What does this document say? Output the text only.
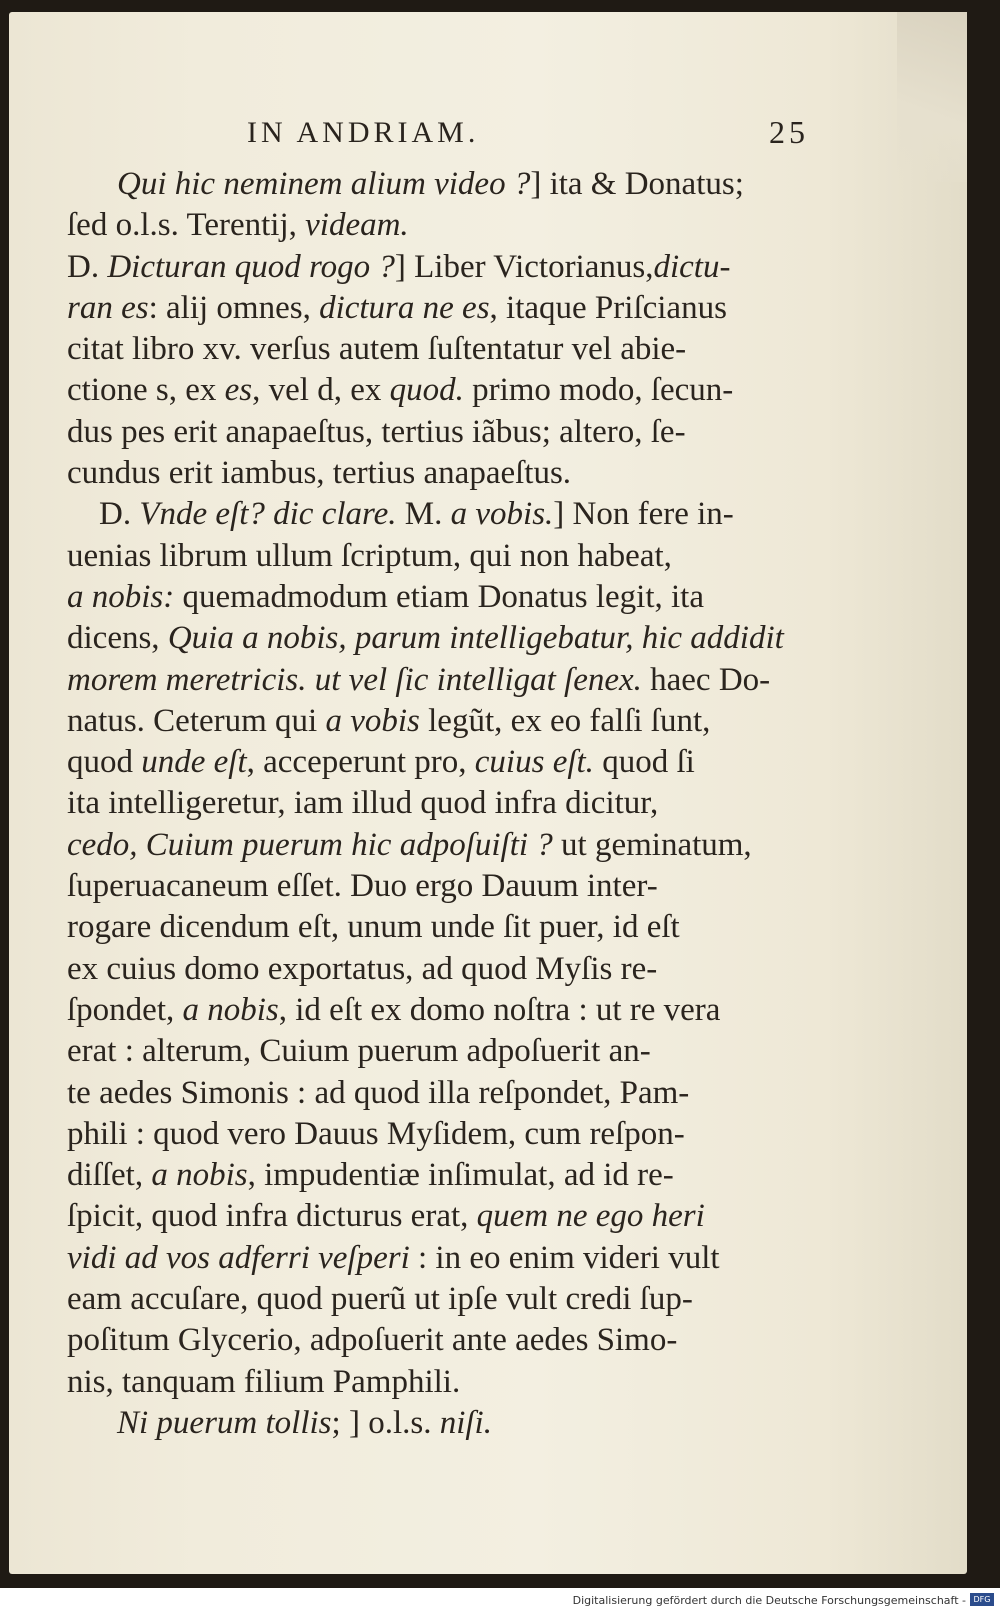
IN ANDRIAM.	25
Qui hic neminem alium video ?] ita & Donatus;
ſed o.l.s. Terentij, videam.
D. Dicturan quod rogo ?] Liber Victorianus,dictu-
ran es: alij omnes, dictura ne es, itaque Priſcianus
citat libro xv. verſus autem ſuſtentatur vel abie-
ctione s, ex es, vel d, ex quod. primo modo, ſecun-
dus pes erit anapaeſtus, tertius iãbus; altero, ſe-
cundus erit iambus, tertius anapaeſtus.
D. Vnde eſt? dic clare. M. a vobis.] Non fere in-
uenias librum ullum ſcriptum, qui non habeat,
a nobis: quemadmodum etiam Donatus legit, ita
dicens, Quia a nobis, parum intelligebatur, hic addidit
morem meretricis. ut vel ſic intelligat ſenex. haec Do-
natus. Ceterum qui a vobis legũt, ex eo falſi ſunt,
quod unde eſt, acceperunt pro, cuius eſt. quod ſi
ita intelligeretur, iam illud quod infra dicitur,
cedo, Cuium puerum hic adpoſuiſti ? ut geminatum,
ſuperuacaneum eſſet. Duo ergo Dauum inter-
rogare dicendum eſt, unum unde ſit puer, id eſt
ex cuius domo exportatus, ad quod Myſis re-
ſpondet, a nobis, id eſt ex domo noſtra : ut re vera
erat : alterum, Cuium puerum adpoſuerit an-
te aedes Simonis : ad quod illa reſpondet, Pam-
phili : quod vero Dauus Myſidem, cum reſpon-
diſſet, a nobis, impudentiæ inſimulat, ad id re-
ſpicit, quod infra dicturus erat, quem ne ego heri
vidi ad vos adferri veſperi : in eo enim videri vult
eam accuſare, quod puerũ ut ipſe vult credi ſup-
poſitum Glycerio, adpoſuerit ante aedes Simo-
nis, tanquam filium Pamphili.
Ni puerum tollis; ] o.l.s. niſi.
Digitalisierung gefördert durch die Deutsche Forschungsgemeinschaft - DFG
